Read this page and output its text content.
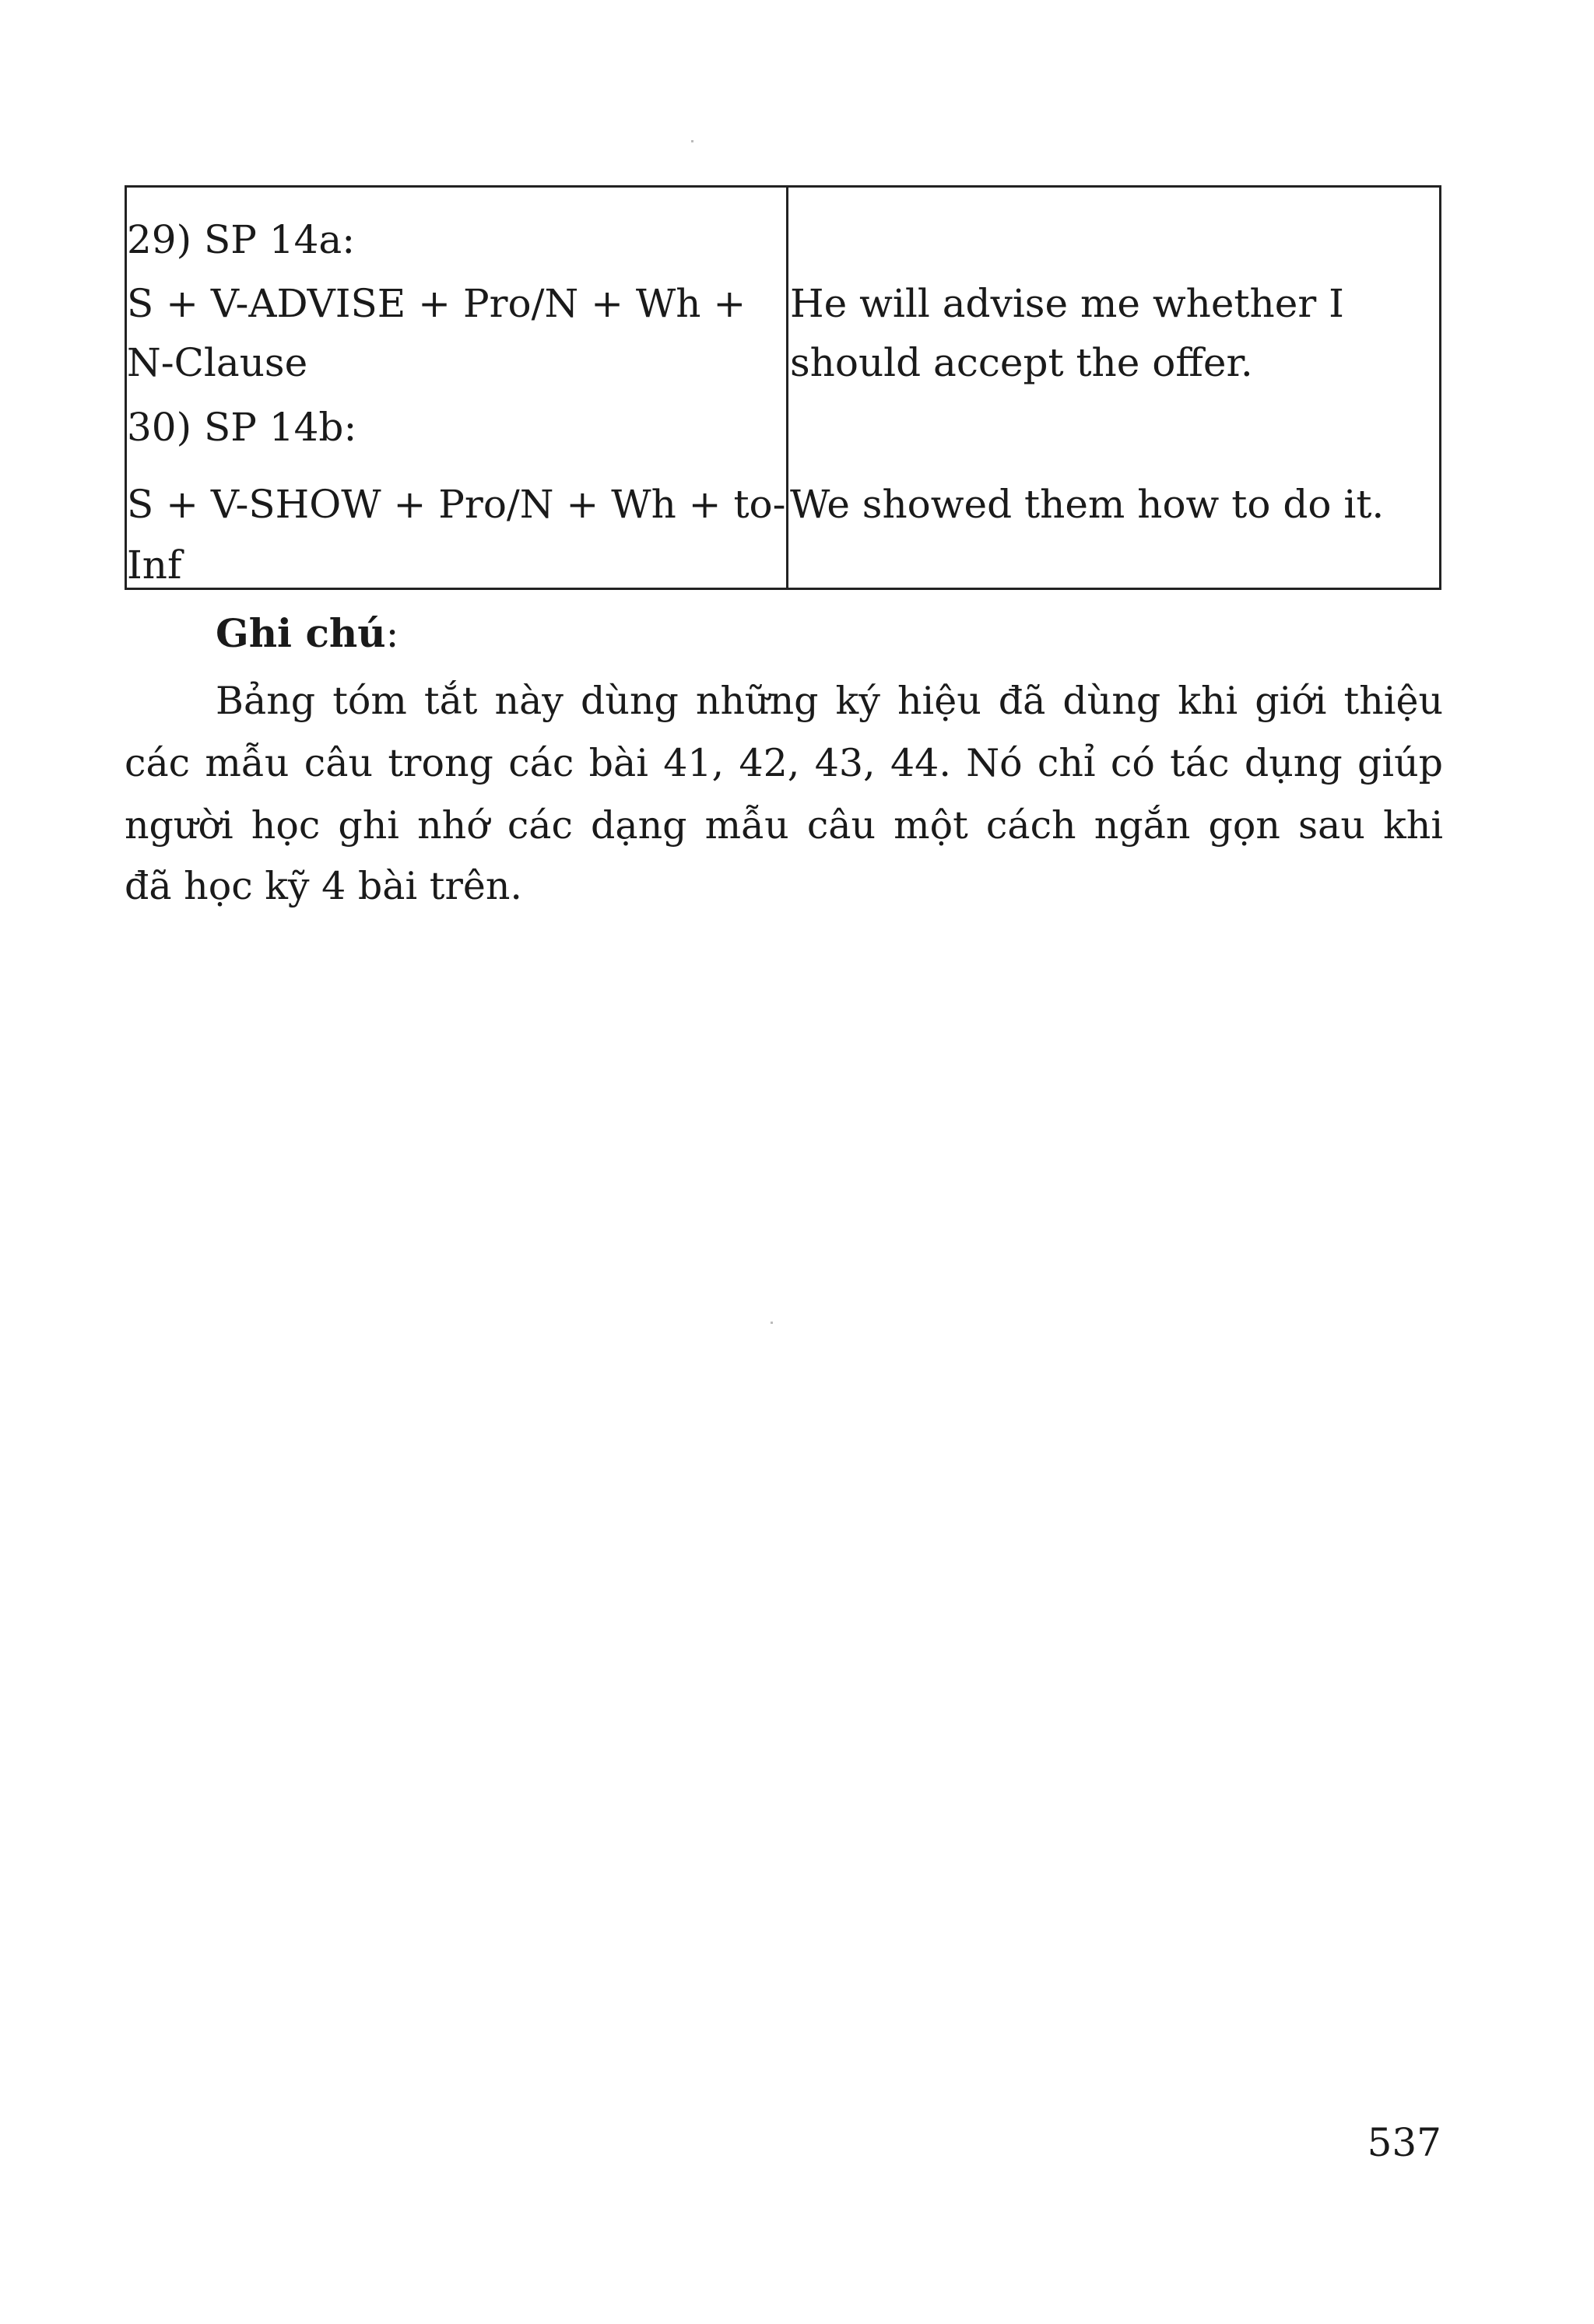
29) SP 14a:
S + V-ADVISE + Pro/N + Wh +
N-Clause
30) SP 14b:
S + V-SHOW + Pro/N + Wh + to-
Inf
He will advise me whether I
should accept the offer.
We showed them how to do it.
Ghi chú:
Bảng tóm tắt này dùng những ký hiệu đã dùng khi giới thiệu
các mẫu câu trong các bài 41, 42, 43, 44. Nó chỉ có tác dụng giúp
người học ghi nhớ các dạng mẫu câu một cách ngắn gọn sau khi
đã học kỹ 4 bài trên.
537
